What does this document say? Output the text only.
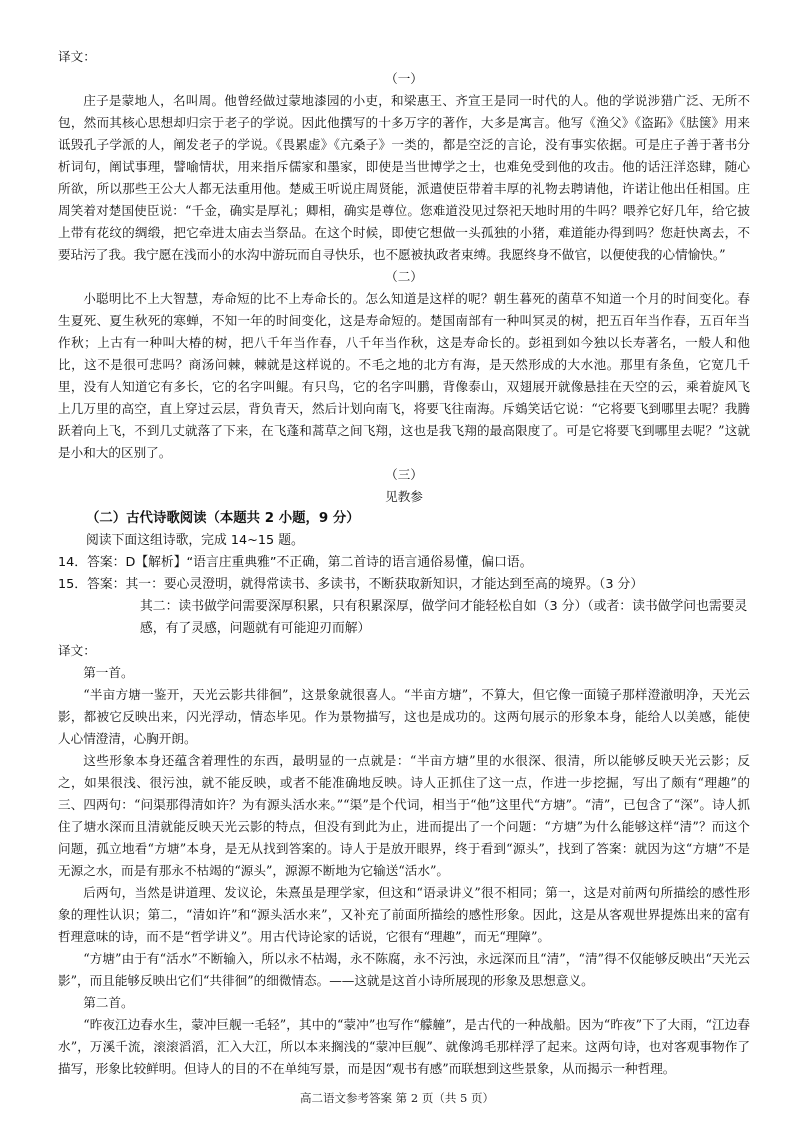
译文：

（一）

庄子是蒙地人，名叫周。他曾经做过蒙地漆园的小吏，和梁惠王、齐宣王是同一时代的人。他的学说涉猎广泛、无所不包，然而其核心思想却归宗于老子的学说。因此他撰写的十多万字的著作，大多是寓言。他写《渔父》《盗跖》《胠箧》用来诋毁孔子学派的人，阐发老子的学说。《畏累虚》《亢桑子》一类的，都是空泛的言论，没有事实依据。可是庄子善于著书分析词句，阐试事理，譬喻情状，用来指斥儒家和墨家，即使是当世博学之士，也难免受到他的攻击。他的话汪洋恣肆，随心所欲，所以那些王公大人都无法重用他。楚威王听说庄周贤能，派遣使臣带着丰厚的礼物去聘请他，许诺让他出任相国。庄周笑着对楚国使臣说：“千金，确实是厚礼；卿相，确实是尊位。您难道没见过祭祀天地时用的牛吗？喂养它好几年，给它披上带有花纹的绸缎，把它牵进太庙去当祭品。在这个时候，即使它想做一头孤独的小猪，难道能办得到吗？您赶快离去，不要玷污了我。我宁愿在浅而小的水沟中游玩而自寻快乐，也不愿被执政者束缚。我愿终身不做官，以便使我的心情愉快。”

（二）

小聪明比不上大智慧，寿命短的比不上寿命长的。怎么知道是这样的呢？朝生暮死的菌草不知道一个月的时间变化。春生夏死、夏生秋死的寒蝉，不知一年的时间变化，这是寿命短的。楚国南部有一种叫冥灵的树，把五百年当作春，五百年当作秋；上古有一种叫大椿的树，把八千年当作春，八千年当作秋，这是寿命长的。彭祖到如今独以长寿著名，一般人和他比，这不是很可悲吗？商汤问棘，棘就是这样说的。不毛之地的北方有海，是天然形成的大水池。那里有条鱼，它宽几千里，没有人知道它有多长，它的名字叫鲲。有只鸟，它的名字叫鹏，背像泰山，双翅展开就像悬挂在天空的云，乘着旋风飞上几万里的高空，直上穿过云层，背负青天，然后计划向南飞，将要飞往南海。斥鴳笑话它说：“它将要飞到哪里去呢？我腾跃着向上飞，不到几丈就落了下来，在飞蓬和蒿草之间飞翔，这也是我飞翔的最高限度了。可是它将要飞到哪里去呢？”这就是小和大的区别了。

（三）

见教参

（二）古代诗歌阅读（本题共 2 小题，9 分）

阅读下面这组诗歌，完成 14~15 题。

14．答案：D【解析】“语言庄重典雅”不正确，第二首诗的语言通俗易懂，偏口语。

15．答案：其一：要心灵澄明，就得常读书、多读书，不断获取新知识，才能达到至高的境界。（3 分）

其二：读书做学问需要深厚积累，只有积累深厚，做学问才能轻松自如（3 分）（或者：读书做学问也需要灵感，有了灵感，问题就有可能迎刃而解）

译文：

第一首。

“半亩方塘一鉴开，天光云影共徘徊”，这景象就很喜人。“半亩方塘”，不算大，但它像一面镜子那样澄澈明净，天光云影，都被它反映出来，闪光浮动，情态毕见。作为景物描写，这也是成功的。这两句展示的形象本身，能给人以美感，能使人心情澄清，心胸开朗。

这些形象本身还蕴含着理性的东西，最明显的一点就是：“半亩方塘”里的水很深、很清，所以能够反映天光云影；反之，如果很浅、很污浊，就不能反映，或者不能准确地反映。诗人正抓住了这一点，作进一步挖掘，写出了颇有“理趣”的三、四两句：“问渠那得清如许？为有源头活水来。”“渠”是个代词，相当于“他”这里代“方塘”。“清”，已包含了“深”。诗人抓住了塘水深而且清就能反映天光云影的特点，但没有到此为止，进而提出了一个问题：“方塘”为什么能够这样“清”？而这个问题，孤立地看“方塘”本身，是无从找到答案的。诗人于是放开眼界，终于看到“源头”，找到了答案：就因为这“方塘”不是无源之水，而是有那永不枯竭的“源头”，源源不断地为它输送“活水”。

后两句，当然是讲道理、发议论，朱熹虽是理学家，但这和“语录讲义”很不相同；第一，这是对前两句所描绘的感性形象的理性认识；第二，“清如许”和“源头活水来”，又补充了前面所描绘的感性形象。因此，这是从客观世界提炼出来的富有哲理意味的诗，而不是“哲学讲义”。用古代诗论家的话说，它很有“理趣”，而无“理障”。

“方塘”由于有“活水”不断输入，所以永不枯竭，永不陈腐，永不污浊，永远深而且“清”，“清”得不仅能够反映出“天光云影”，而且能够反映出它们“共徘徊”的细微情态。——这就是这首小诗所展现的形象及思想意义。

第二首。

“昨夜江边春水生，蒙冲巨舰一毛轻”，其中的“蒙冲”也写作“艨艟”，是古代的一种战船。因为“昨夜”下了大雨，“江边春水”，万溪千流，滚滚滔滔，汇入大江，所以本来搁浅的“蒙冲巨舰”、就像鸿毛那样浮了起来。这两句诗，也对客观事物作了描写，形象比较鲜明。但诗人的目的不在单纯写景，而是因“观书有感”而联想到这些景象，从而揭示一种哲理。

高二语文参考答案 第 2 页（共 5 页）
